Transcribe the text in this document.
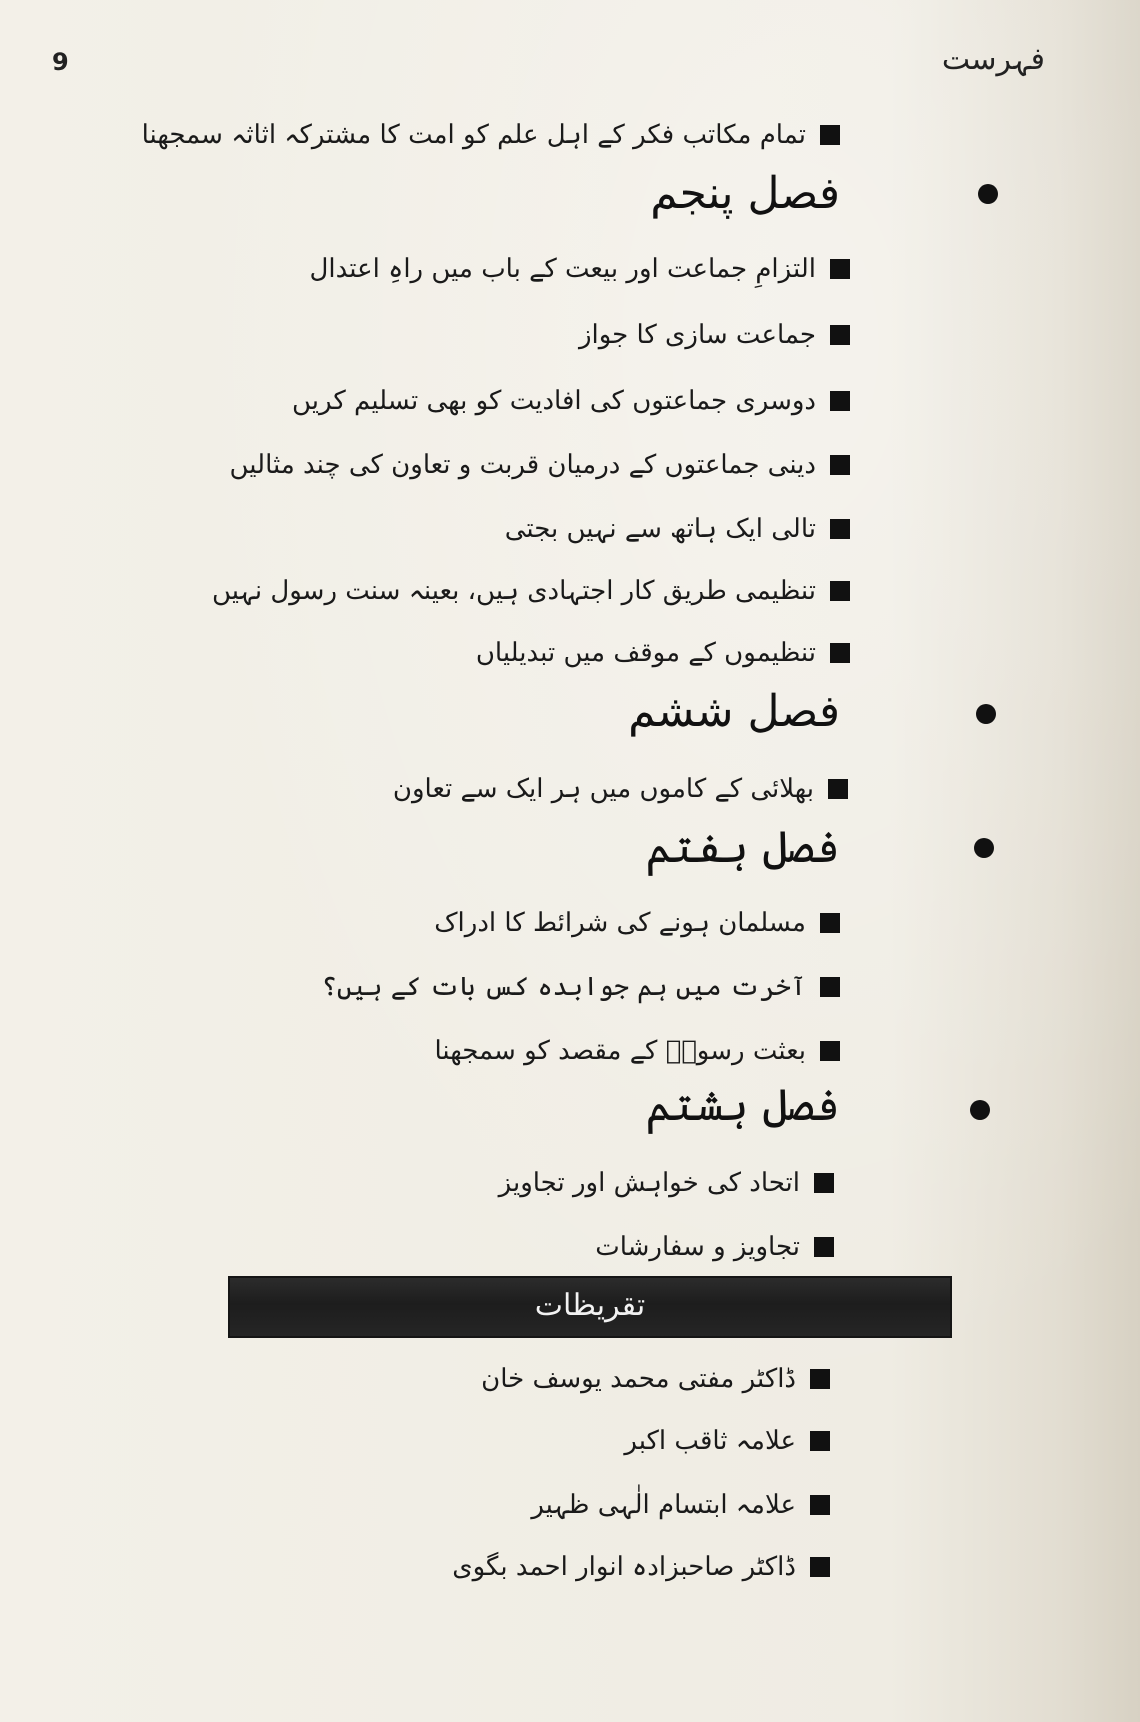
9	فہرست
تمام مکاتب فکر کے اہل علم کو امت کا مشترکہ اثاثہ سمجھنا
فصل پنجم
التزامِ جماعت اور بیعت کے باب میں راہِ اعتدال
جماعت سازی کا جواز
دوسری جماعتوں کی افادیت کو بھی تسلیم کریں
دینی جماعتوں کے درمیان قربت و تعاون کی چند مثالیں
تالی ایک ہاتھ سے نہیں بجتی
تنظیمی طریق کار اجتہادی ہیں، بعینہ سنت رسول نہیں
تنظیموں کے موقف میں تبدیلیاں
فصل ششم
بھلائی کے کاموں میں ہر ایک سے تعاون
فصل ہفتم
مسلمان ہونے کی شرائط کا ادراک
آخرت میں ہم جوابدہ کس بات کے ہیں؟
بعثت رسولؐ کے مقصد کو سمجھنا
فصل ہشتم
اتحاد کی خواہش اور تجاویز
تجاویز و سفارشات
تقریظات
ڈاکٹر مفتی محمد یوسف خان
علامہ ثاقب اکبر
علامہ ابتسام الٰہی ظہیر
ڈاکٹر صاحبزادہ انوار احمد بگوی
